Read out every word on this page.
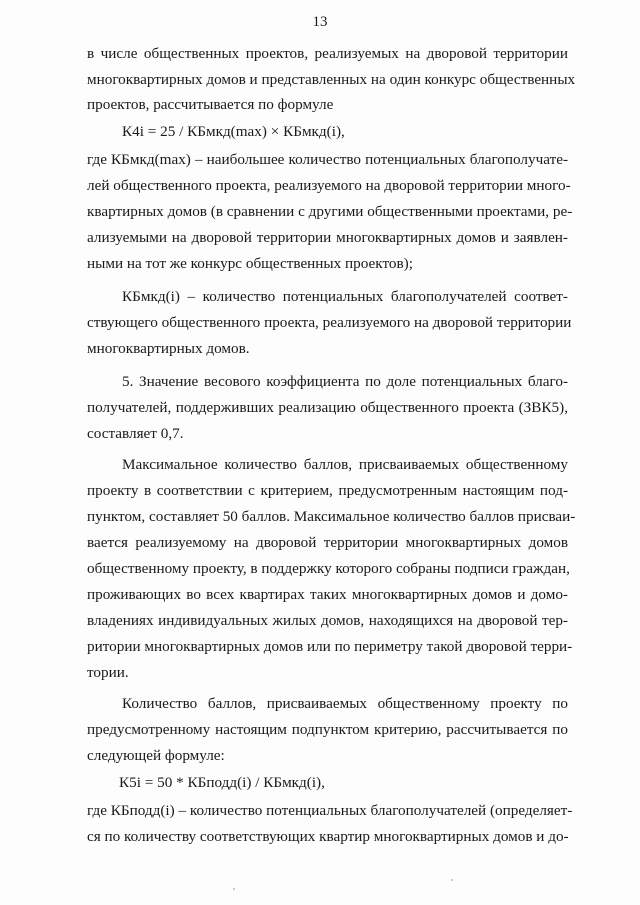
13
в числе общественных проектов, реализуемых на дворовой территории
многоквартирных домов и представленных на один конкурс общественных
проектов, рассчитывается по формуле
К4i = 25 / КБмкд(max) × КБмкд(i),
где КБмкд(max) – наибольшее количество потенциальных благополучате-
лей общественного проекта, реализуемого на дворовой территории много-
квартирных домов (в сравнении с другими общественными проектами, ре-
ализуемыми на дворовой территории многоквартирных домов и заявлен-
ными на тот же конкурс общественных проектов);
КБмкд(i) – количество потенциальных благополучателей соответ-
ствующего общественного проекта, реализуемого на дворовой территории
многоквартирных домов.
5. Значение весового коэффициента по доле потенциальных благо-
получателей, поддерживших реализацию общественного проекта (ЗВК5),
составляет 0,7.
Максимальное количество баллов, присваиваемых общественному
проекту в соответствии с критерием, предусмотренным настоящим под-
пунктом, составляет 50 баллов. Максимальное количество баллов присваи-
вается реализуемому на дворовой территории многоквартирных домов
общественному проекту, в поддержку которого собраны подписи граждан,
проживающих во всех квартирах таких многоквартирных домов и домо-
владениях индивидуальных жилых домов, находящихся на дворовой тер-
ритории многоквартирных домов или по периметру такой дворовой терри-
тории.
Количество баллов, присваиваемых общественному проекту по
предусмотренному настоящим подпунктом критерию, рассчитывается по
следующей формуле:
К5i = 50 * КБподд(i) / КБмкд(i),
где КБподд(i) – количество потенциальных благополучателей (определяет-
ся по количеству соответствующих квартир многоквартирных домов и до-
